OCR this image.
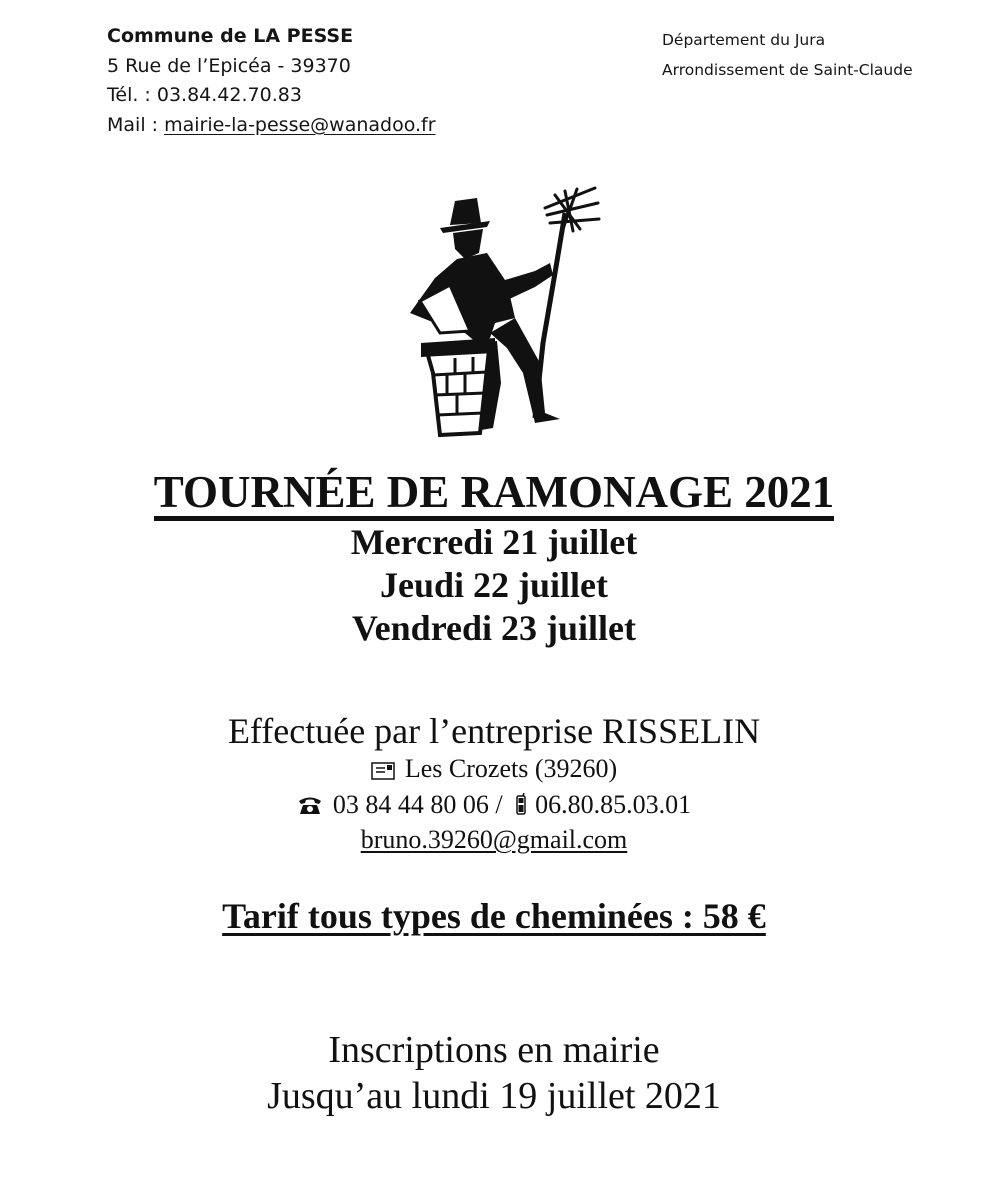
Commune de LA PESSE
5 Rue de l’Epicéa - 39370
Tél. : 03.84.42.70.83
Mail : mairie-la-pesse@wanadoo.fr
Département du Jura
Arrondissement de Saint-Claude
TOURNÉE DE RAMONAGE 2021
Mercredi 21 juillet
Jeudi 22 juillet
Vendredi 23 juillet
Effectuée par l’entreprise RISSELIN
Les Crozets (39260)
03 84 44 80 06 / 06.80.85.03.01
bruno.39260@gmail.com
Tarif tous types de cheminées : 58 €
Inscriptions en mairie
Jusqu’au lundi 19 juillet 2021
